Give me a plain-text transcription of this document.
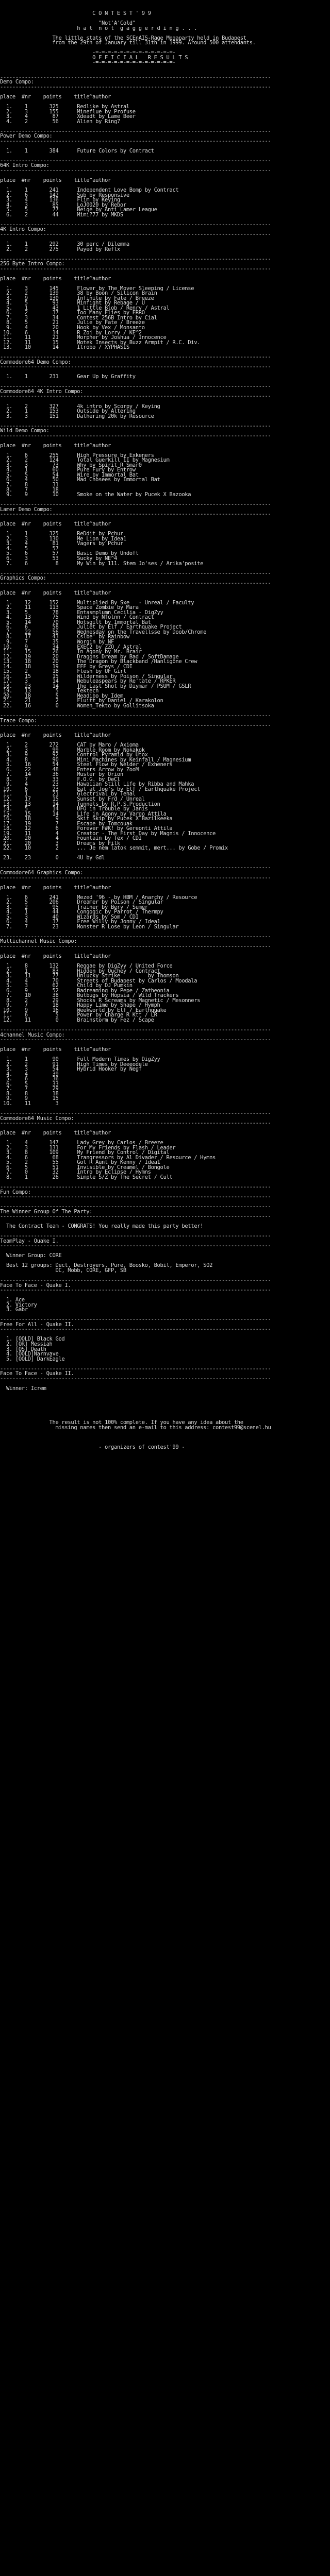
C O N T E S T ' 9 9

"Not'A'Cold"
h a t  n o t  g a g g e r d i n g . . .

The little stats of the SCEnAIS-Rage Megaparty held in Budapest
from the 29th of January till 31th in 1999. Around 500 attendants.

-=-=-=-=-=-=-=-=-=-=-=-=-=-
O F F I C I A L   R E S U L T S
-=-=-=-=-=-=-=-=-=-=-=-=-=-

----------------------------------------------------------------------------------------
Demo Compo:
----------------------------------------------------------------------------------------

place  #nr    points    title^author

1.    1       325      Redlike by Astral
2.    3       155      Mineflue by Profuse
3.    4        87      Xdeadt by Lame Beer
4.    2        56      Alien by Ring7

----------------------------------------------------------------------------------------
Power Demo Compo:
----------------------------------------------------------------------------------------

1.    1       384      Future Colors by Contract

----------------------------------------------------------------------------------------
64K Intro Compo:
----------------------------------------------------------------------------------------

place  #nr    points    title^author

1.    1       241      Independent Love Bomp by Contract
2.    6       142      Sub by Responsive
3.    4       136      Flim by Keying
4.    3        85      LoJ0020 by Rebor
5.    5        77      Beige by Anti Lamer League
6.    2        44      Mimi?77 by MKDS

----------------------------------------------------------------------------------------
4K Intro Compo:
----------------------------------------------------------------------------------------

1.    1       292      30 perc / Dilemma
2.    2       275      Payed by Reflx

----------------------------------------------------------------------------------------
256 Byte Intro Compo:
----------------------------------------------------------------------------------------

place  #nr    points    title^author

1.    3       145      Flower by The Mover Sleeping / License
2.    2       139      38 by Boon / Silicon Brain
3.    9       130      Infinite by Fate / Breeze
4.    5        93      Minfight by Rebage / U
5.    1        43      1 Little Blob / Renry / Astral
6.    2        37      Too Many Flies by ERRO
7.    3        34      Contest 256B Intro by Cial
8.    5        21      Julie by Fate / Breeze
9.    4        20      Hook by Vex / Monsanto
10.    6        14      R Zoj by Lorry / KE^2
11.    11       21      Morpher by Joshua / Innocence
12.    11       15      Motek Insects by Buzz Armpit / R.C. Div.
13.    10       14      Itrobo / XYPHASIS

----------------------------------------------------------------------------------------
Commodore64 Demo Compo:
----------------------------------------------------------------------------------------

1.    1       231      Gear Up by Graffity

----------------------------------------------------------------------------------------
Commodore64 4K Intro Compo:
----------------------------------------------------------------------------------------

1.    2       327      4k intro by Scorpy / Keying
2.    1       153      Outside by Altering
3.    3       151      Dathering 20k by Resource

----------------------------------------------------------------------------------------
Wild Demo Compo:
----------------------------------------------------------------------------------------

place  #nr    points    title^author

1.    6       255      High Pressure by Exkeners
2.    2       124      Total Guerkill II by Magnesium
3.    3        73      Why by Spirit R Smar0
4.    1        60      Pure Fury by Entrow
5.    5        54      Wire by Immortal Bat
6.    4        50      Mad Chosees by Immortal Bat
7.    8        31
8.    7        18
9.    9        10      Smoke on the Water by Pucek X Bazooka

----------------------------------------------------------------------------------------
Lamer Demo Compo:
----------------------------------------------------------------------------------------

place  #nr    points    title^author

1.    1       325      ReDdit by Pchur
2.    3       130      Me Lion by Idea1
3.    4        81      Vagers by Pchur
4.    5        57
5.    6        57      Basic Demo by Undoft
6.    3        53      Sucky by NE^4
7.    6         8      My Win by 111. Stem Jo'ses / Arika'posite

----------------------------------------------------------------------------------------
Graphics Compo:
----------------------------------------------------------------------------------------

place  #nr    points    title^author

1.    12      152      Multiplied By Sxe   - Unreal / Faculty
2.    11      113      Space Zombie by Mara
3.    5        78      Entasmplumn Cecilia - DigZyy
4.    13       75      Wind by Nfolnn / Contract
5.    14       70      Hotsgilt by Immortal Bat
6.    6        58      Juliet by Elf / Earthquake Project
7.    22       56      Wednesday on the Travellsse by Doob/Chrome
8.    17       43      Cslbe' by Rainbow
9.    7        35      Worgin by NF
10.    9        34      EXEC2 by ZZO / Astral
11.    15       26      In Agony by Mr. Brair
12.    19       20      Dragons Dream by Bad / SoftDamage
13.    18       20      The Dragon by Blackband /Hanligone Crew
14.    18       19      EFF by Greys / CDI
15.    2        18      Flesh by UF_Girl
16.    15       15      Wilderness by Poison / Singular
17.    3        14      Nebuleaspears by Re'tate / RPKER
18.    23       14      The Last Shot by Diymar / PSUM / GSLR
19.    13        5      Tektech
20.    18        5      Meadibo by Idem
21.    21        2      Fluitt by Daniel / Karakolon
22.    16        0      Women_Tekto by Gollitsoka

----------------------------------------------------------------------------------------
Trace Compo:
----------------------------------------------------------------------------------------

place  #nr    points    title^author

1.    2       272      CAT by Maro / Axioma
2.    3        99      Marble Room by Nokakok
3.    9        92      Control Pyramid by Utox
4.    8        90      Mini Machines by Keinfall / Magnesium
5.    16       54      Steel Flow by Welder / Exheners
6.    22       48      Enters Arrow by ZooM
7.    14       36      Muster by Orion
8.    7        33      F.O.G. by DeCl
9.    4        23      Hawaiian Still Life by Ribba and Mahka
10.    6        23      Eat at Joe's by Elf / Earthquake Project
11.    1        21      Glectrival by Tehal
12.    17       15      Sunset by Frd / Unreal
13.    13       14      Tunnels by R.P.S.Production
14.    5        14      UFO in Trouble by Janis
15.    15       14      Life in Agony by Vargo Attila
16.    18        9      Skit Skip by Pucek X Bazilkeeka
17.    19        7      Escape by Tomcouak
18.    12        6      Forever F#K! by Gereonti Attila
19.    11        4      Creator - The First Day by Magnis / Innocence
20.    20        4      Fountain by Tex / CDI
21.    20        3      Dreams by Filk
22.    10        2      ... Je nem latok semmit, mert... by Gobe / Promix

23.    23        0      4U by Gdl

----------------------------------------------------------------------------------------
Commodore64 Graphics Compo:
----------------------------------------------------------------------------------------

place  #nr    points    title^author

1.    6       241      Mezed '96 - by HBM / Anarchy / Resource
2.    5       206      Dreamer by Poison / Singular
3.    2        95      Trainer by Bery / Sumer
4.    1        44      Congogic by Parrot / Thermpy
5.    3        40      Wizards by Som / CDI
6.    4        37      Free Willy by Jonny / Idea1
7.    7        23      Monster R Lose by Leon / Singular

----------------------------------------------------------------------------------------
Multichannel Music Compo:
----------------------------------------------------------------------------------------

place  #nr    points    title^author

1.    8       132      Reggae by DigZyy / United Force
2.    1        83      Hidden by Ouchey / Contract
3.    11       77      Unlucky Strike         by Thomson
4.    4        70      Streets of Budapest by Carlos / Moodala
5.    3        62      Child by DJ Pumkin
6.    9        52      Badreaming by Pepe / Zatheonia
7.    10       38      Butbugs by Hopsia / Wild Trackers
8.    2        29      Shocks R Screams by Magnetic / Mesonners
9.    7        18      Happy Lime by Shape / Hymph
10.    9        16      Weekworld by Elf / Earthquake
11.    6         5      Power by Charge R Ktt / LR
12.    11        0      Brainstorm by Fez / Scape

----------------------------------------------------------------------------------------
4channel Music Compo:
----------------------------------------------------------------------------------------

place  #nr    points    title^author

1.    1        90      Full Modern Times by DigZyy
2.    2        91      High Times by Deeeodele
3.    3        54      Hybrid Hooker by Negf
4.    4        39
5.    6        36
6.    5        33
7.    7        29
8.    8        18
9.    9        15
10.    11        3

----------------------------------------------------------------------------------------
Commodore64 Music Compo:
----------------------------------------------------------------------------------------

place  #nr    points    title^author

1.    4       147      Lady Grey by Carlos / Breeze
2.    3       131      For My Friends by Flash / Leader
3.    8       109      My Friend by Control / Digital
4.    6        68      Trangressors by Al Divader / Resource / Hymns
5.    2        55      Got R Aunt by Kenny / Idea1
6.    5        51      Invisible by Creamel / Bongole
7.    0        32      Intro by Eclipse / Hymns
8.    1        26      Simple S/Z by The Secret / Cult

----------------------------------------------------------------------------------------
Fun Compo:
----------------------------------------------------------------------------------------

----------------------------------------------------------------------------------------
The Winner Group Of The Party:
----------------------------------------------------------------------------------------

The Contract Team - CONGRATS! You really made this party better!

----------------------------------------------------------------------------------------
TeamPlay - Quake I.
----------------------------------------------------------------------------------------

Winner Group: CORE

Best 12 groups: Dect, Destroyers, Pure, Boosko, Bobil, Emperor, SO2
DC, Mobb, CORE, GFP, SB

----------------------------------------------------------------------------------------
Face To Face - Quake I.
----------------------------------------------------------------------------------------

1. Ace
2. Victory
3. Gabr

----------------------------------------------------------------------------------------
Free For All - Quake II.
----------------------------------------------------------------------------------------

1. [OOLD] Black God
2. [OR] Messiah
3. [OS] Death
4. [OOLD]Narnvave
5. [OOLD] DarkEagle

----------------------------------------------------------------------------------------
Face To Face - Quake II.
----------------------------------------------------------------------------------------

Winner: Icrem

The result is not 100% complete. If you have any idea about the
missing names then send an e-mail to this address: contest99@scenel.hu

- organizers of contest'99 -
